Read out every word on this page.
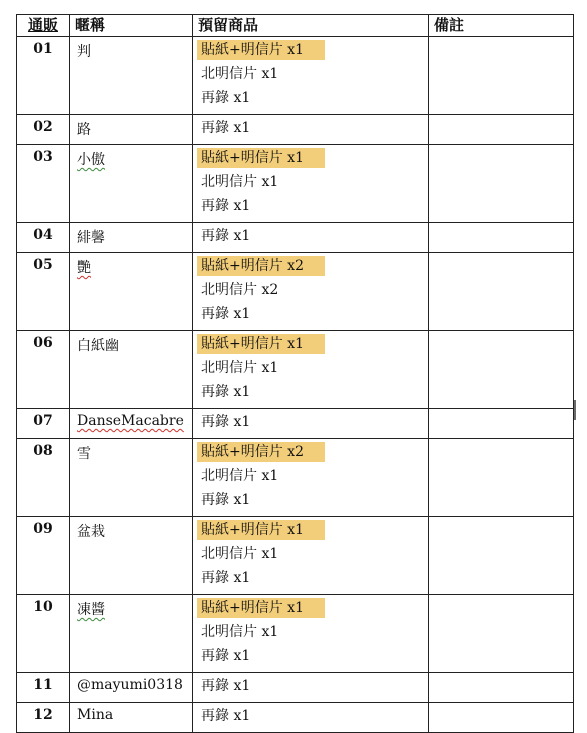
通販	暱稱	預留商品	備註
01	判	貼紙+明信片 x1
北明信片 x1
再錄 x1	

02	路	再錄 x1	

03	小傲	貼紙+明信片 x1
北明信片 x1
再錄 x1	

04	緋馨	再錄 x1	

05	艷	貼紙+明信片 x2
北明信片 x2
再錄 x1	

06	白紙幽	貼紙+明信片 x1
北明信片 x1
再錄 x1	

07	DanseMacabre	再錄 x1	

08	雪	貼紙+明信片 x2
北明信片 x1
再錄 x1	

09	盆栽	貼紙+明信片 x1
北明信片 x1
再錄 x1	

10	凍醬	貼紙+明信片 x1
北明信片 x1
再錄 x1	

11	@mayumi0318	再錄 x1	

12	Mina	再錄 x1	
